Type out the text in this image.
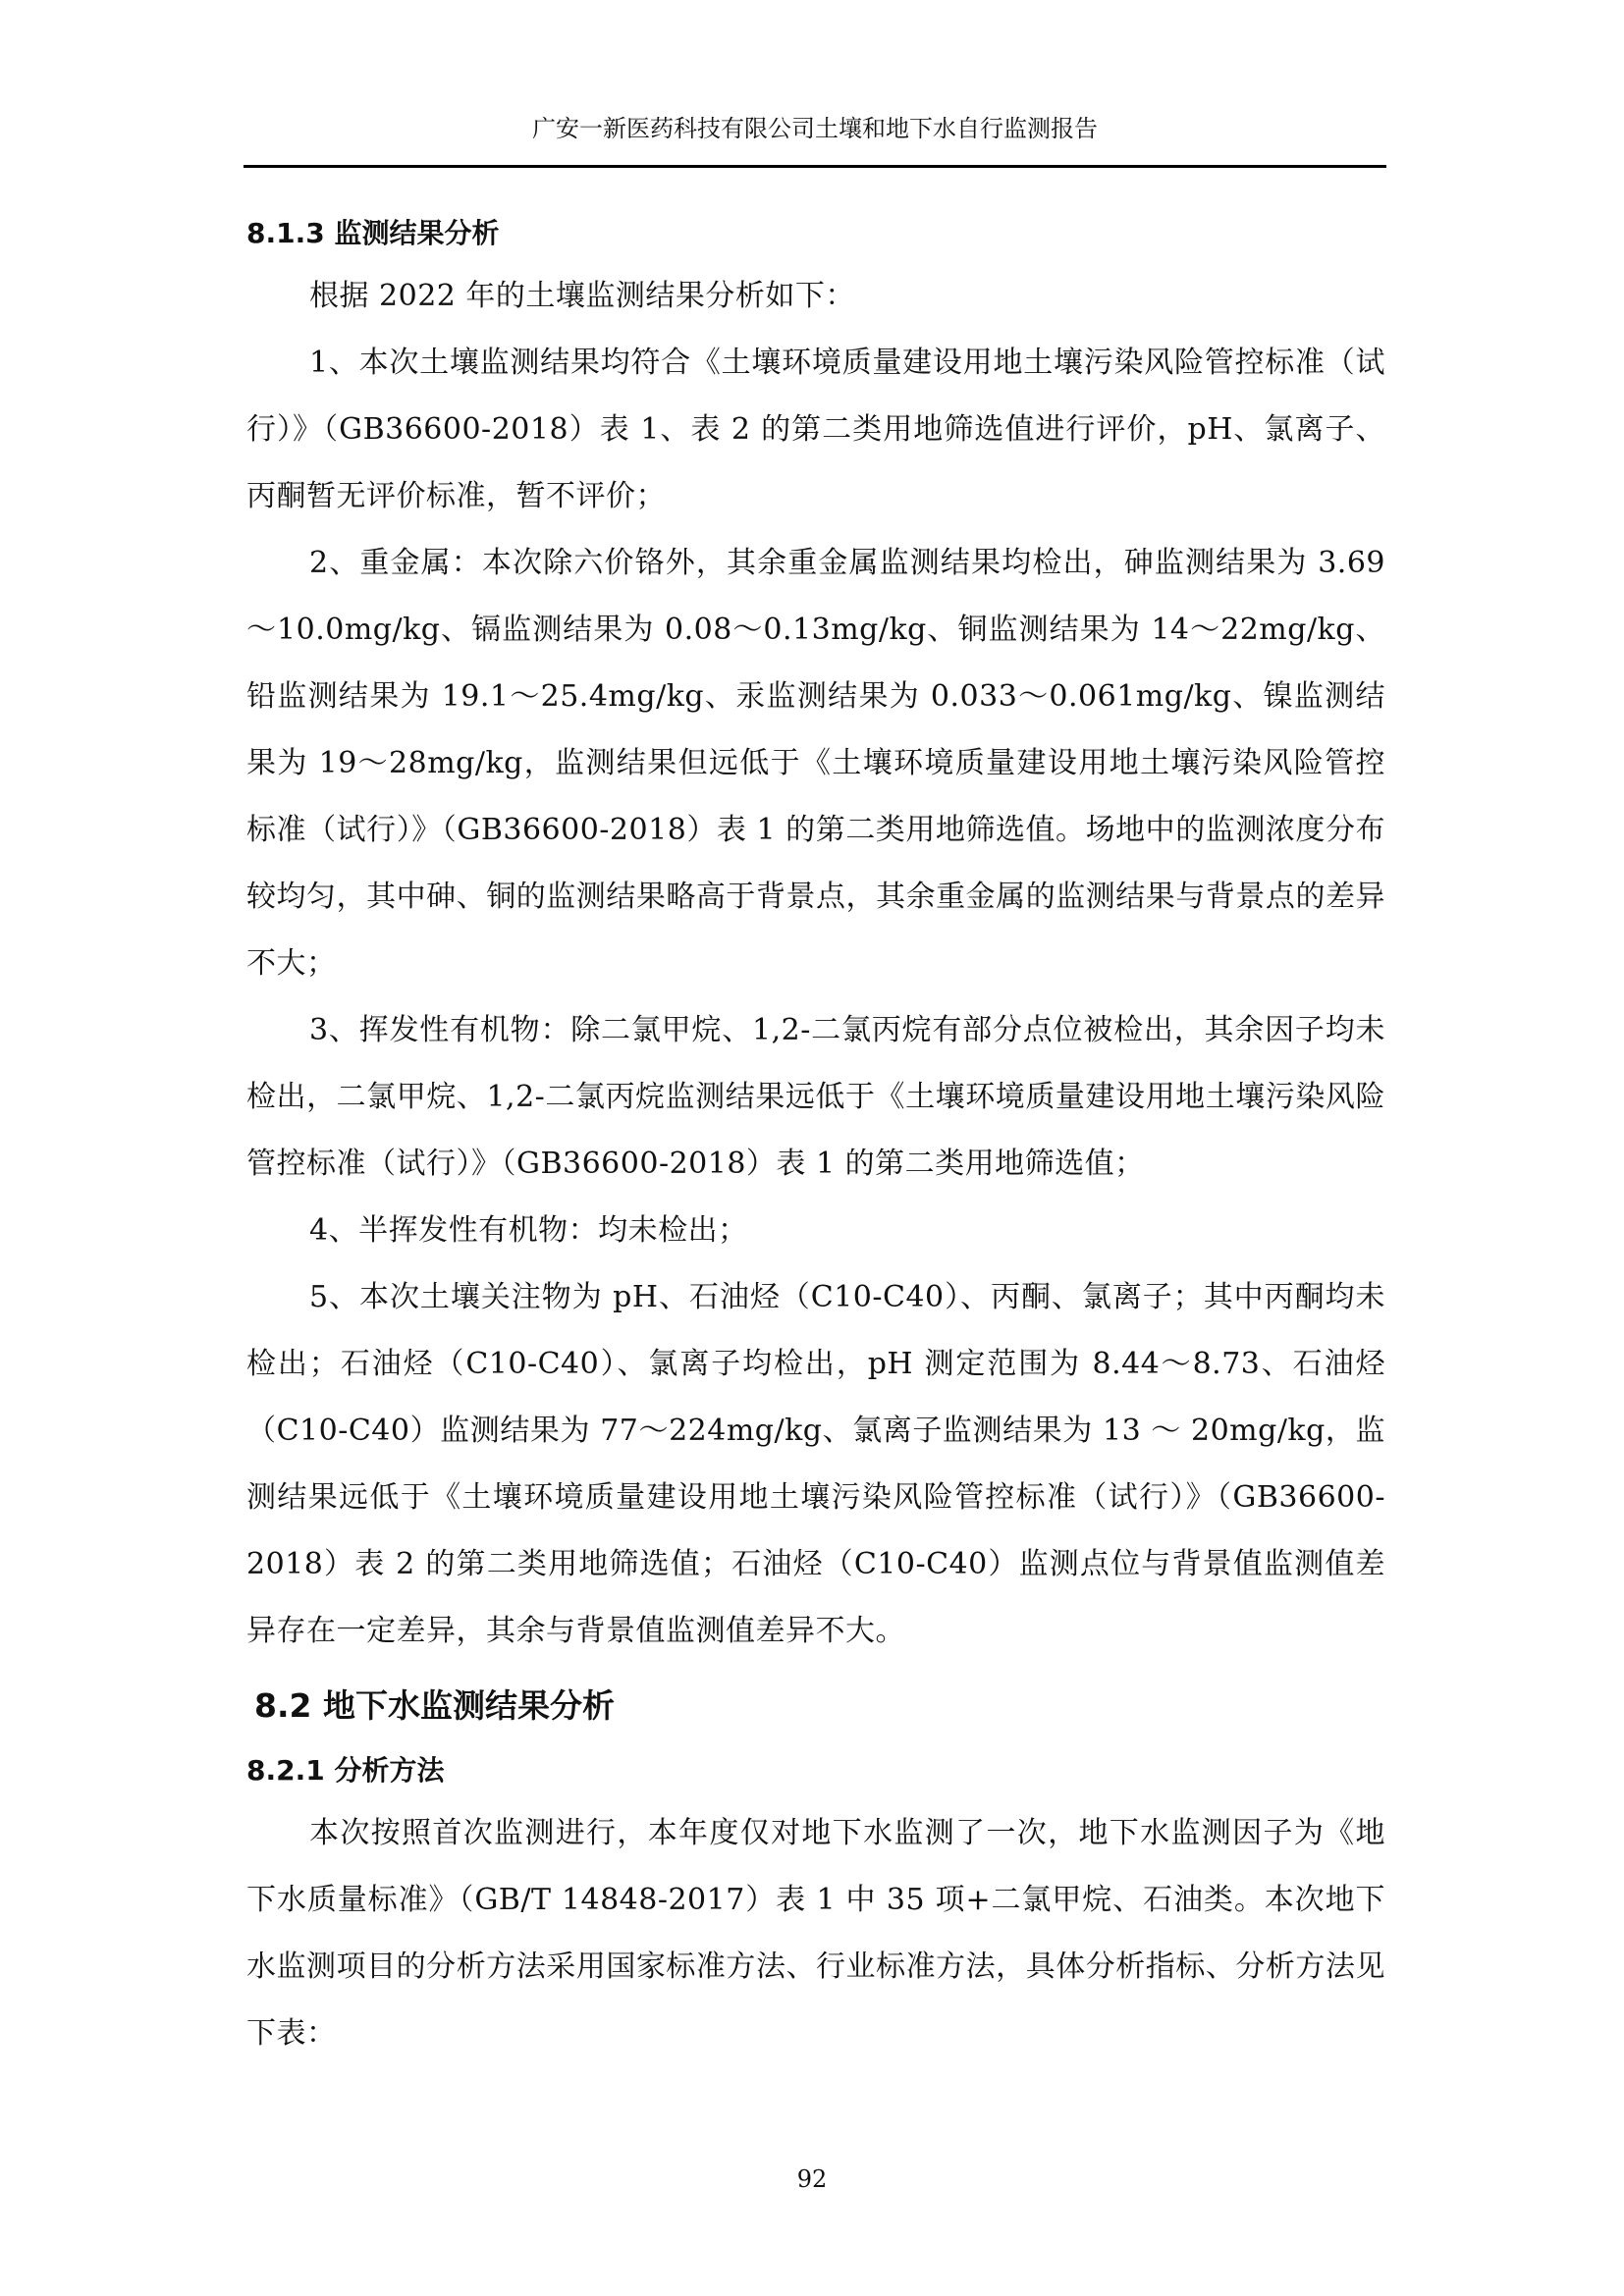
广安一新医药科技有限公司土壤和地下水自行监测报告
8.1.3 监测结果分析

根据 2022 年的土壤监测结果分析如下：

1、本次土壤监测结果均符合《土壤环境质量建设用地土壤污染风险管控标准（试行）》（GB36600-2018）表 1、表 2 的第二类用地筛选值进行评价，pH、氯离子、丙酮暂无评价标准，暂不评价；

2、重金属：本次除六价铬外，其余重金属监测结果均检出，砷监测结果为 3.69～10.0mg/kg、镉监测结果为 0.08～0.13mg/kg、铜监测结果为 14～22mg/kg、铅监测结果为 19.1～25.4mg/kg、汞监测结果为 0.033～0.061mg/kg、镍监测结果为 19～28mg/kg，监测结果但远低于《土壤环境质量建设用地土壤污染风险管控标准（试行）》（GB36600-2018）表 1 的第二类用地筛选值。场地中的监测浓度分布较均匀，其中砷、铜的监测结果略高于背景点，其余重金属的监测结果与背景点的差异不大；

3、挥发性有机物：除二氯甲烷、1,2-二氯丙烷有部分点位被检出，其余因子均未检出，二氯甲烷、1,2-二氯丙烷监测结果远低于《土壤环境质量建设用地土壤污染风险管控标准（试行）》（GB36600-2018）表 1 的第二类用地筛选值；

4、半挥发性有机物：均未检出；

5、本次土壤关注物为 pH、石油烃（C10-C40）、丙酮、氯离子；其中丙酮均未检出；石油烃（C10-C40）、氯离子均检出，pH 测定范围为 8.44～8.73、石油烃（C10-C40）监测结果为 77～224mg/kg、氯离子监测结果为 13 ～ 20mg/kg，监测结果远低于《土壤环境质量建设用地土壤污染风险管控标准（试行）》（GB36600-2018）表 2 的第二类用地筛选值；石油烃（C10-C40）监测点位与背景值监测值差异存在一定差异，其余与背景值监测值差异不大。

8.2 地下水监测结果分析
8.2.1 分析方法

本次按照首次监测进行，本年度仅对地下水监测了一次，地下水监测因子为《地下水质量标准》（GB/T 14848-2017）表 1 中 35 项+二氯甲烷、石油类。本次地下水监测项目的分析方法采用国家标准方法、行业标准方法，具体分析指标、分析方法见下表：

92
